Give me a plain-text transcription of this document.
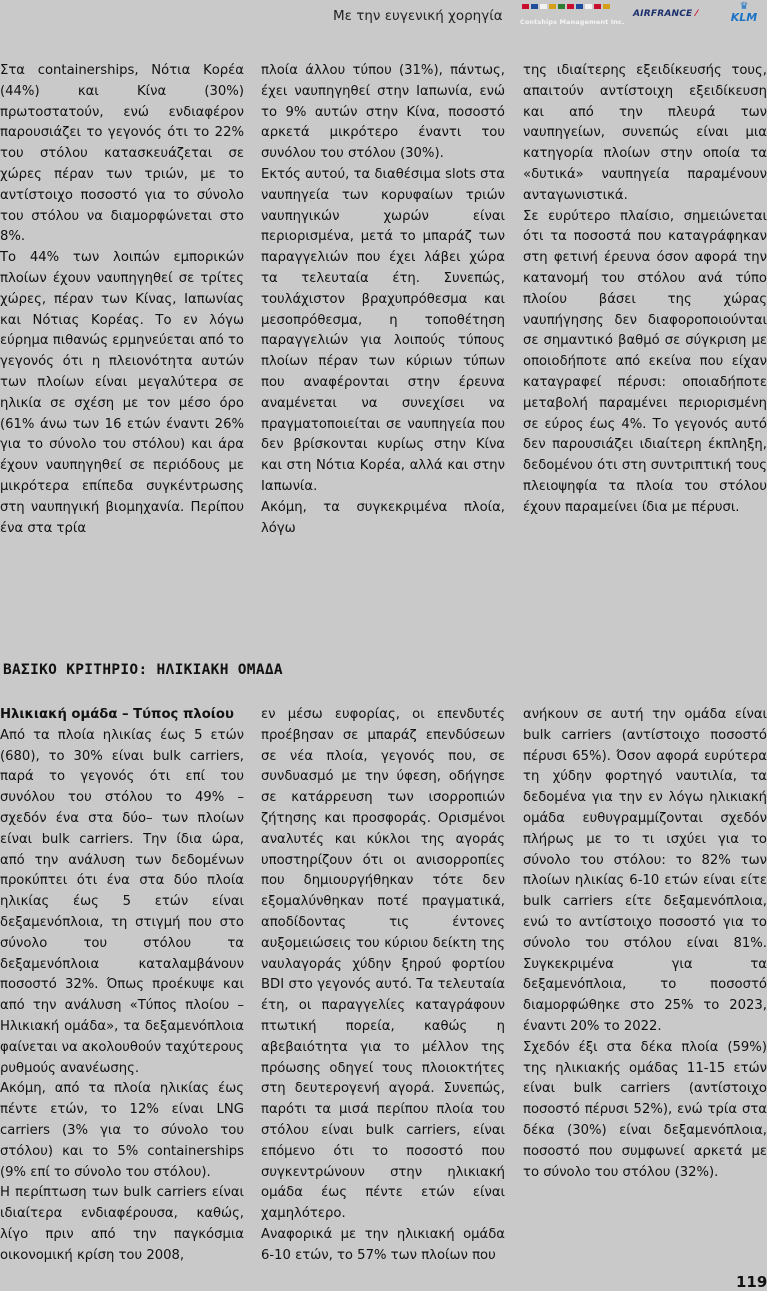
Με την ευγενική χορηγία	Contships Management Inc.
AIRFRANCE ⁄
♛
KLM

Στα containerships, Νότια Κορέα (44%) και Κίνα (30%) πρωτοστατούν, ενώ ενδιαφέρον παρουσιάζει το γεγονός ότι το 22% του στόλου κατασκευάζεται σε χώρες πέραν των τριών, με το αντίστοιχο ποσοστό για το σύνολο του στόλου να διαμορφώνεται στο 8%.

Το 44% των λοιπών εμπορικών πλοίων έχουν ναυπηγηθεί σε τρίτες χώρες, πέραν των Κίνας, Ιαπωνίας και Νότιας Κορέας. Το εν λόγω εύρημα πιθανώς ερμηνεύεται από το γεγονός ότι η πλειονότητα αυτών των πλοίων είναι μεγαλύτερα σε ηλικία σε σχέση με τον μέσο όρο (61% άνω των 16 ετών έναντι 26% για το σύνολο του στόλου) και άρα έχουν ναυπηγηθεί σε περιόδους με μικρότερα επίπεδα συγκέντρωσης στη ναυπηγική βιομηχανία. Περίπου ένα στα τρία

πλοία άλλου τύπου (31%), πάντως, έχει ναυπηγηθεί στην Ιαπωνία, ενώ το 9% αυτών στην Κίνα, ποσοστό αρκετά μικρότερο έναντι του συνόλου του στόλου (30%).

Εκτός αυτού, τα διαθέσιμα slots στα ναυπηγεία των κορυφαίων τριών ναυπηγικών χωρών είναι περιορισμένα, μετά το μπαράζ των παραγγελιών που έχει λάβει χώρα τα τελευταία έτη. Συνεπώς, τουλάχιστον βραχυπρόθεσμα και μεσοπρόθεσμα, η τοποθέτηση παραγγελιών για λοιπούς τύπους πλοίων πέραν των κύριων τύπων που αναφέρονται στην έρευνα αναμένεται να συνεχίσει να πραγματοποιείται σε ναυπηγεία που δεν βρίσκονται κυρίως στην Κίνα και στη Νότια Κορέα, αλλά και στην Ιαπωνία.

Ακόμη, τα συγκεκριμένα πλοία, λόγω

της ιδιαίτερης εξειδίκευσής τους, απαιτούν αντίστοιχη εξειδίκευση και από την πλευρά των ναυπηγείων, συνεπώς είναι μια κατηγορία πλοίων στην οποία τα «δυτικά» ναυπηγεία παραμένουν ανταγωνιστικά.

Σε ευρύτερο πλαίσιο, σημειώνεται ότι τα ποσοστά που καταγράφηκαν στη φετινή έρευνα όσον αφορά την κατανομή του στόλου ανά τύπο πλοίου βάσει της χώρας ναυπήγησης δεν διαφοροποιούνται σε σημαντικό βαθμό σε σύγκριση με οποιοδήποτε από εκείνα που είχαν καταγραφεί πέρυσι: οποιαδήποτε μεταβολή παραμένει περιορισμένη σε εύρος έως 4%. Το γεγονός αυτό δεν παρουσιάζει ιδιαίτερη έκπληξη, δεδομένου ότι στη συντριπτική τους πλειοψηφία τα πλοία του στόλου έχουν παραμείνει ίδια με πέρυσι.

ΒΑΣΙΚΟ ΚΡΙΤΗΡΙΟ: ΗΛΙΚΙΑΚΗ ΟΜΑΔΑ

Ηλικιακή ομάδα – Τύπος πλοίου

Από τα πλοία ηλικίας έως 5 ετών (680), το 30% είναι bulk carriers, παρά το γεγονός ότι επί του συνόλου του στόλου το 49% –σχεδόν ένα στα δύο– των πλοίων είναι bulk carriers. Την ίδια ώρα, από την ανάλυση των δεδομένων προκύπτει ότι ένα στα δύο πλοία ηλικίας έως 5 ετών είναι δεξαμενόπλοια, τη στιγμή που στο σύνολο του στόλου τα δεξαμενόπλοια καταλαμβάνουν ποσοστό 32%. Όπως προέκυψε και από την ανάλυση «Τύπος πλοίου – Ηλικιακή ομάδα», τα δεξαμενόπλοια φαίνεται να ακολουθούν ταχύτερους ρυθμούς ανανέωσης.

Ακόμη, από τα πλοία ηλικίας έως πέντε ετών, το 12% είναι LNG carriers (3% για το σύνολο του στόλου) και το 5% containerships (9% επί το σύνολο του στόλου).

Η περίπτωση των bulk carriers είναι ιδιαίτερα ενδιαφέρουσα, καθώς, λίγο πριν από την παγκόσμια οικονομική κρίση του 2008,

εν μέσω ευφορίας, οι επενδυτές προέβησαν σε μπαράζ επενδύσεων σε νέα πλοία, γεγονός που, σε συνδυασμό με την ύφεση, οδήγησε σε κατάρρευση των ισορροπιών ζήτησης και προσφοράς. Ορισμένοι αναλυτές και κύκλοι της αγοράς υποστηρίζουν ότι οι ανισορροπίες που δημιουργήθηκαν τότε δεν εξομαλύνθηκαν ποτέ πραγματικά, αποδίδοντας τις έντονες αυξομειώσεις του κύριου δείκτη της ναυλαγοράς χύδην ξηρού φορτίου BDI στο γεγονός αυτό. Τα τελευταία έτη, οι παραγγελίες καταγράφουν πτωτική πορεία, καθώς η αβεβαιότητα για το μέλλον της πρόωσης οδηγεί τους πλοιοκτήτες στη δευτερογενή αγορά. Συνεπώς, παρότι τα μισά περίπου πλοία του στόλου είναι bulk carriers, είναι επόμενο ότι το ποσοστό που συγκεντρώνουν στην ηλικιακή ομάδα έως πέντε ετών είναι χαμηλότερο.

Αναφορικά με την ηλικιακή ομάδα 6-10 ετών, το 57% των πλοίων που

ανήκουν σε αυτή την ομάδα είναι bulk carriers (αντίστοιχο ποσοστό πέρυσι 65%). Όσον αφορά ευρύτερα τη χύδην φορτηγό ναυτιλία, τα δεδομένα για την εν λόγω ηλικιακή ομάδα ευθυγραμμίζονται σχεδόν πλήρως με το τι ισχύει για το σύνολο του στόλου: το 82% των πλοίων ηλικίας 6-10 ετών είναι είτε bulk carriers είτε δεξαμενόπλοια, ενώ το αντίστοιχο ποσοστό για το σύνολο του στόλου είναι 81%. Συγκεκριμένα για τα δεξαμενόπλοια, το ποσοστό διαμορφώθηκε στο 25% το 2023, έναντι 20% το 2022.

Σχεδόν έξι στα δέκα πλοία (59%) της ηλικιακής ομάδας 11-15 ετών είναι bulk carriers (αντίστοιχο ποσοστό πέρυσι 52%), ενώ τρία στα δέκα (30%) είναι δεξαμενόπλοια, ποσοστό που συμφωνεί αρκετά με το σύνολο του στόλου (32%).

119
